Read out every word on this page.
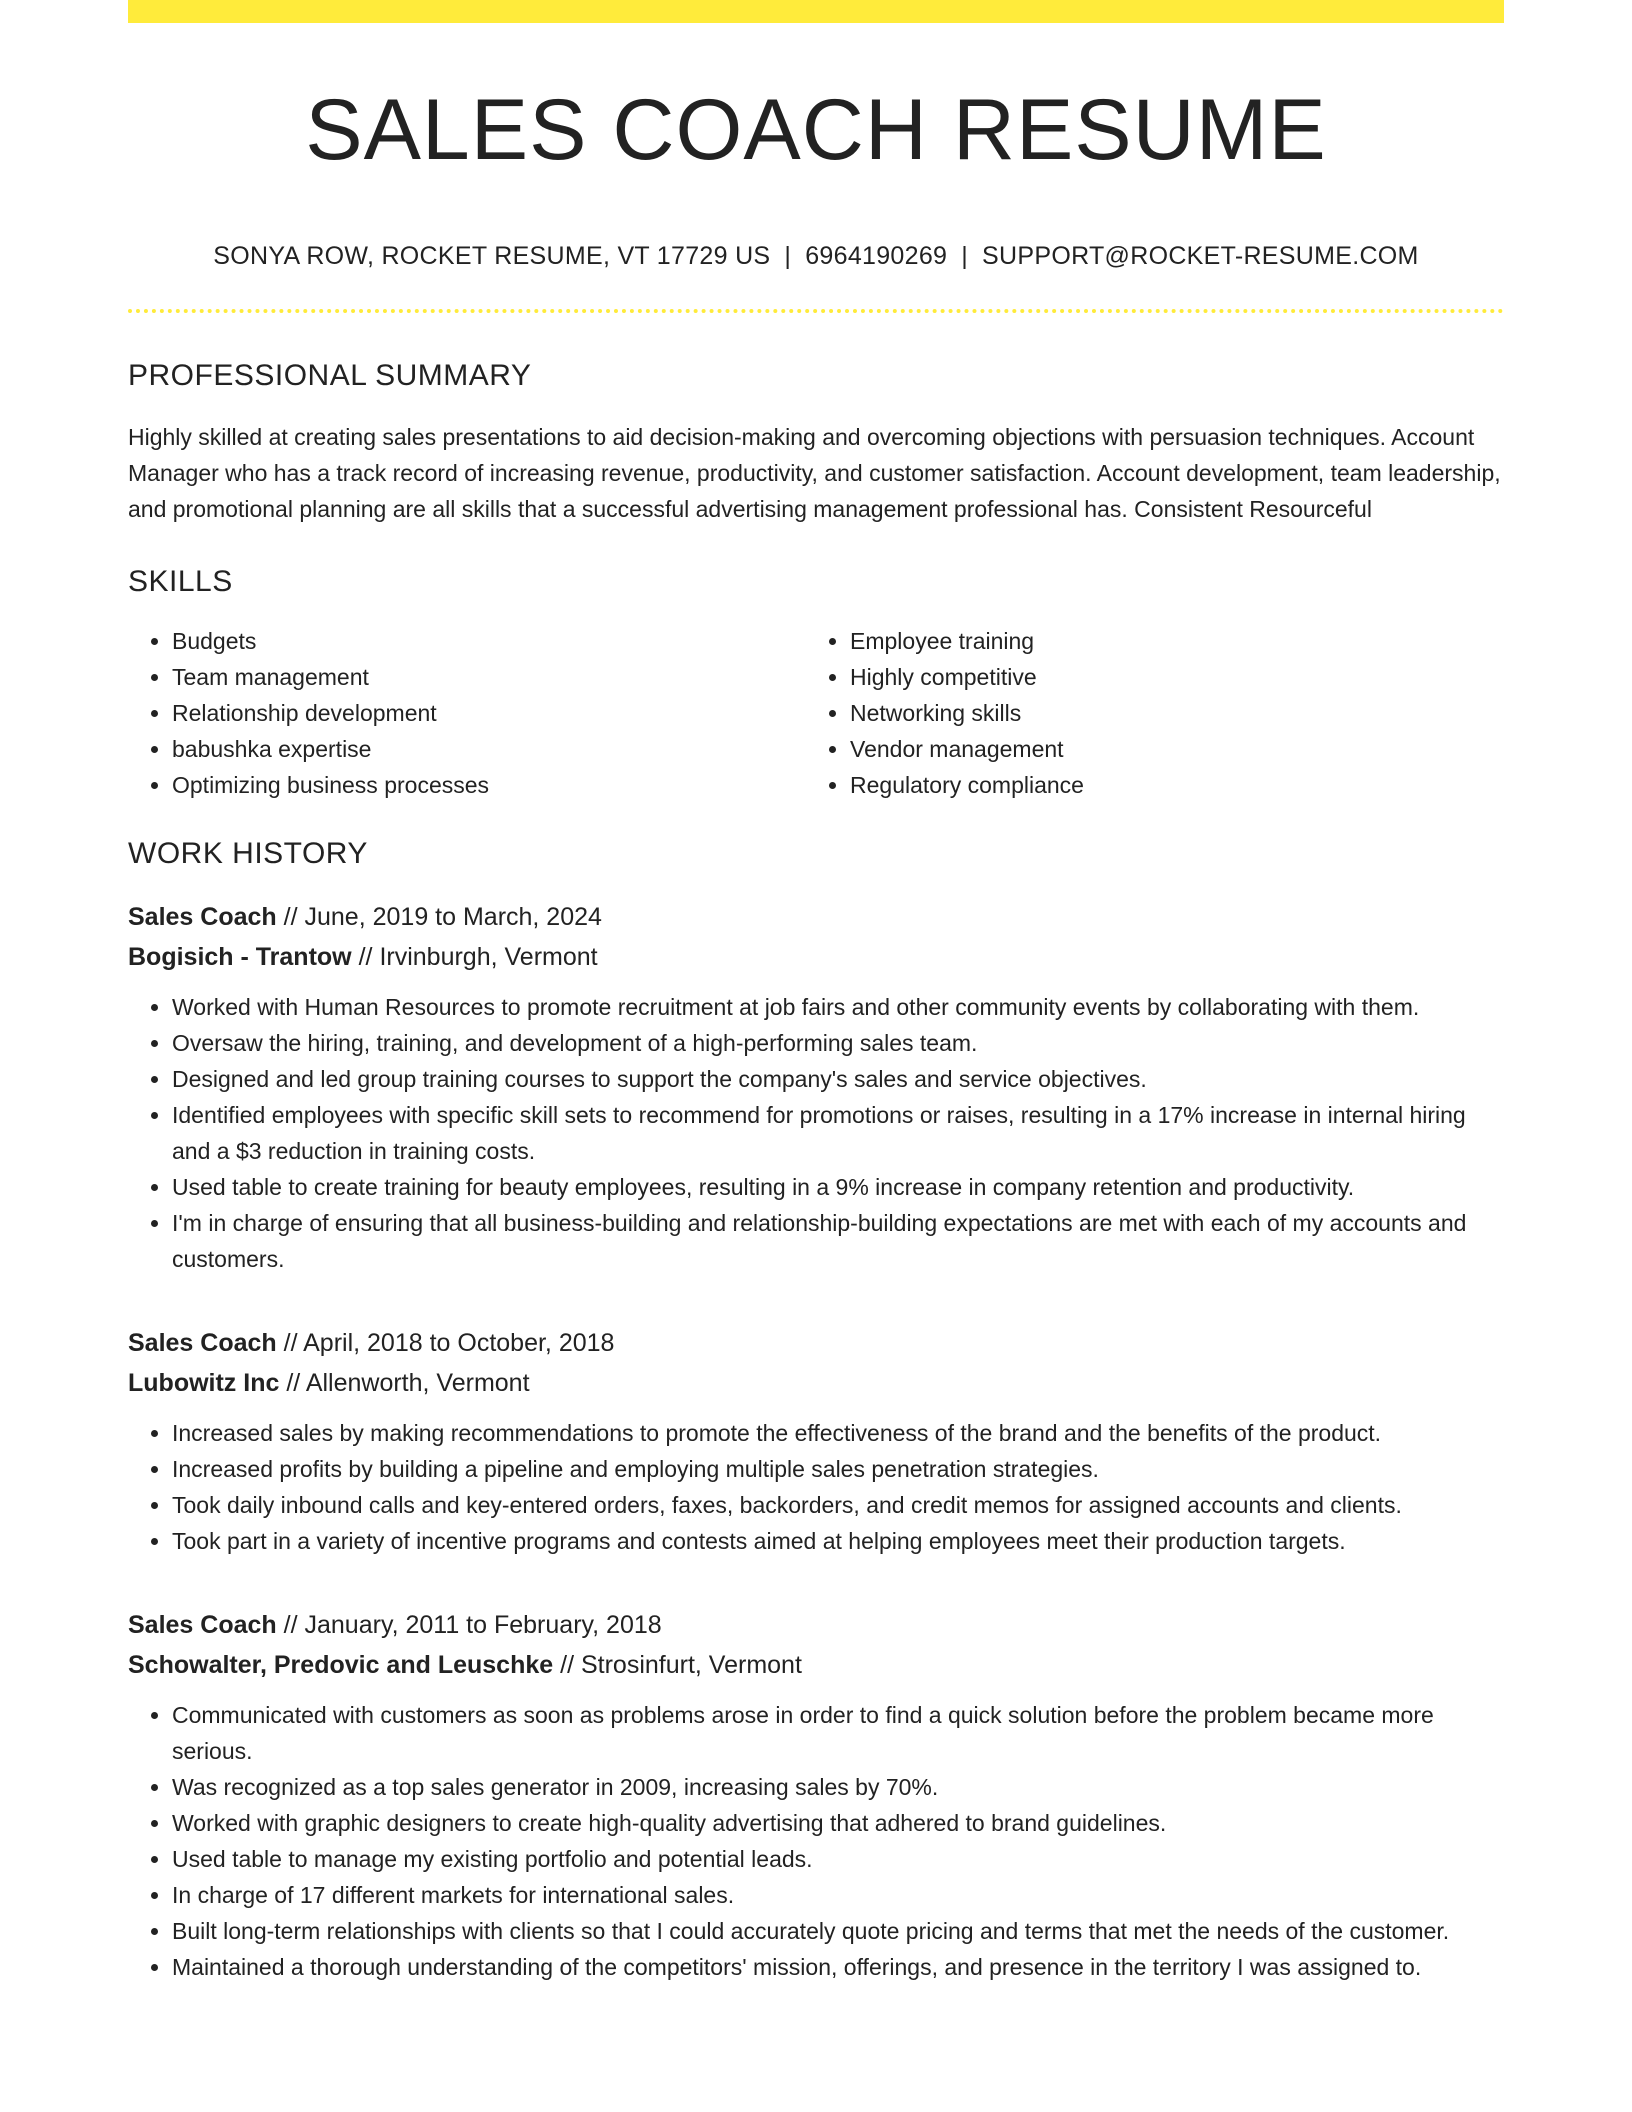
SALES COACH RESUME
SONYA ROW, ROCKET RESUME, VT 17729 US | 6964190269 | SUPPORT@ROCKET-RESUME.COM
PROFESSIONAL SUMMARY

Highly skilled at creating sales presentations to aid decision-making and overcoming objections with persuasion techniques. Account Manager who has a track record of increasing revenue, productivity, and customer satisfaction. Account development, team leadership, and promotional planning are all skills that a successful advertising management professional has. Consistent Resourceful

SKILLS
• Budgets
• Team management
• Relationship development
• babushka expertise
• Optimizing business processes
• Employee training
• Highly competitive
• Networking skills
• Vendor management
• Regulatory compliance
WORK HISTORY
Sales Coach // June, 2019 to March, 2024
Bogisich - Trantow // Irvinburgh, Vermont
• Worked with Human Resources to promote recruitment at job fairs and other community events by collaborating with them.
• Oversaw the hiring, training, and development of a high-performing sales team.
• Designed and led group training courses to support the company's sales and service objectives.
• Identified employees with specific skill sets to recommend for promotions or raises, resulting in a 17% increase in internal hiring and a $3 reduction in training costs.
• Used table to create training for beauty employees, resulting in a 9% increase in company retention and productivity.
• I'm in charge of ensuring that all business-building and relationship-building expectations are met with each of my accounts and customers.
Sales Coach // April, 2018 to October, 2018
Lubowitz Inc // Allenworth, Vermont
• Increased sales by making recommendations to promote the effectiveness of the brand and the benefits of the product.
• Increased profits by building a pipeline and employing multiple sales penetration strategies.
• Took daily inbound calls and key-entered orders, faxes, backorders, and credit memos for assigned accounts and clients.
• Took part in a variety of incentive programs and contests aimed at helping employees meet their production targets.
Sales Coach // January, 2011 to February, 2018
Schowalter, Predovic and Leuschke // Strosinfurt, Vermont
• Communicated with customers as soon as problems arose in order to find a quick solution before the problem became more serious.
• Was recognized as a top sales generator in 2009, increasing sales by 70%.
• Worked with graphic designers to create high-quality advertising that adhered to brand guidelines.
• Used table to manage my existing portfolio and potential leads.
• In charge of 17 different markets for international sales.
• Built long-term relationships with clients so that I could accurately quote pricing and terms that met the needs of the customer.
• Maintained a thorough understanding of the competitors' mission, offerings, and presence in the territory I was assigned to.
